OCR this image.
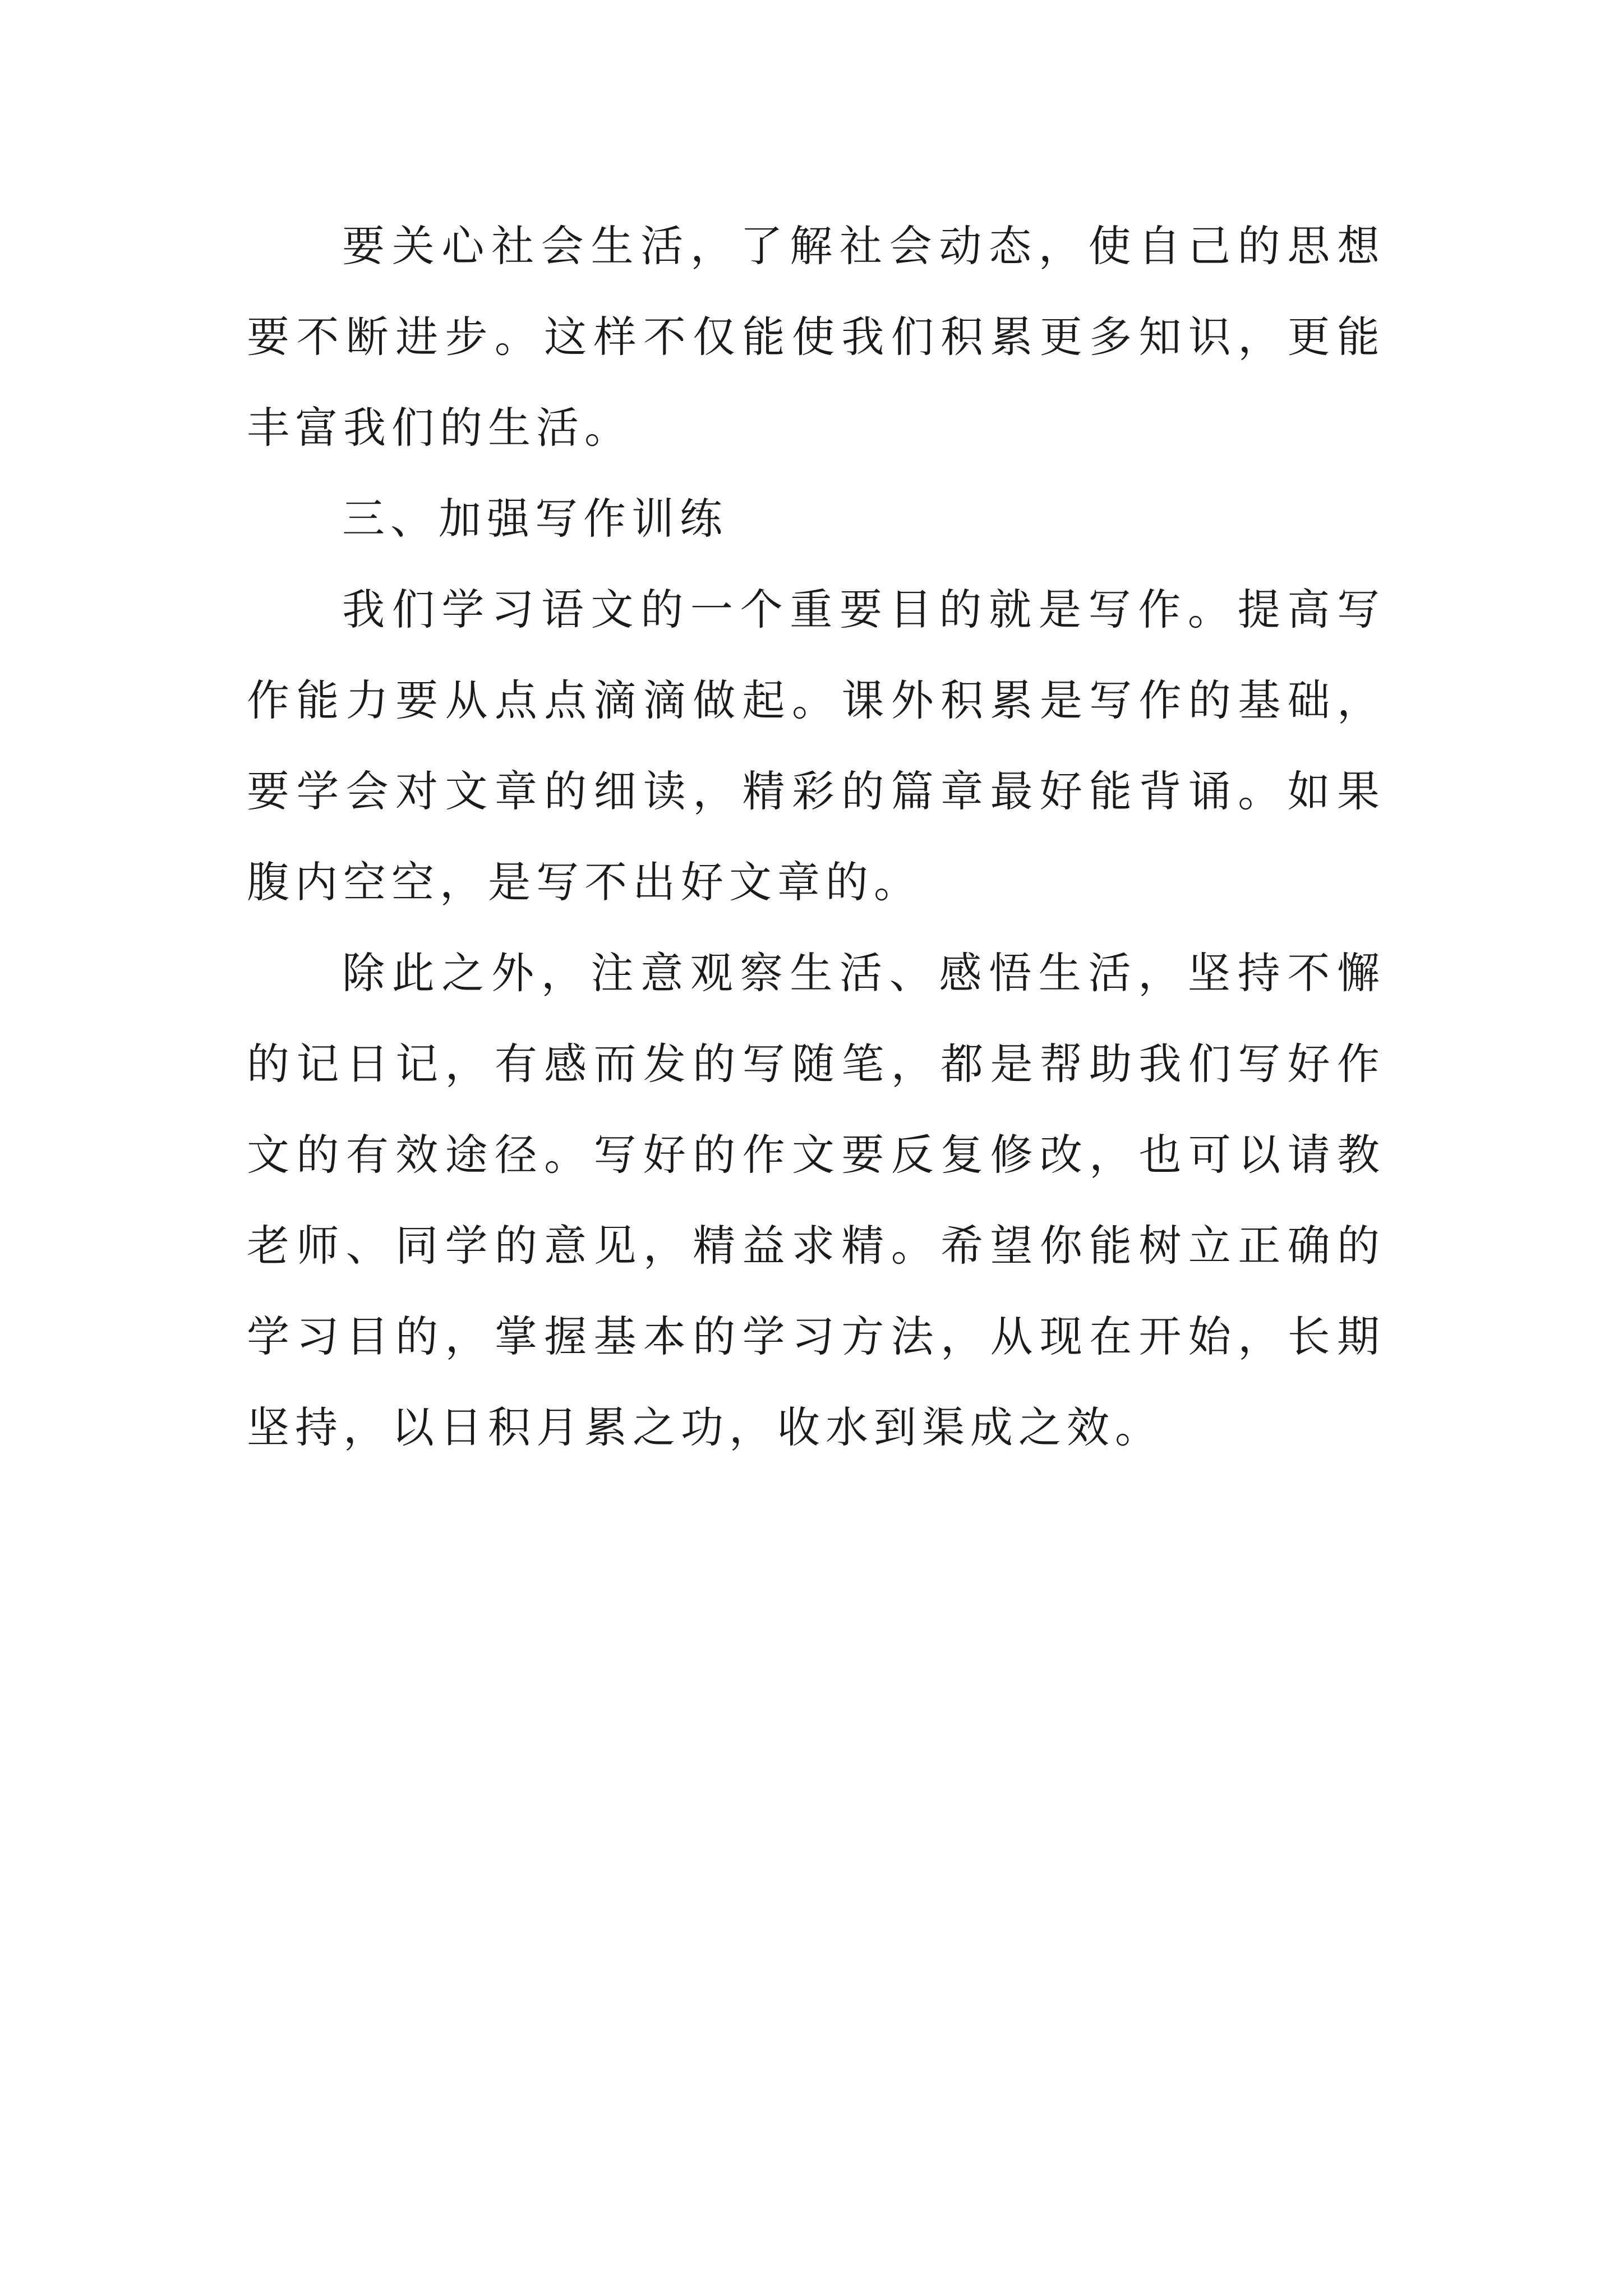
要关心社会生活，了解社会动态，使自己的思想要不断进步。这样不仅能使我们积累更多知识，更能丰富我们的生活。

三、加强写作训练

我们学习语文的一个重要目的就是写作。提高写作能力要从点点滴滴做起。课外积累是写作的基础，要学会对文章的细读，精彩的篇章最好能背诵。如果腹内空空，是写不出好文章的。

除此之外，注意观察生活、感悟生活，坚持不懈的记日记，有感而发的写随笔，都是帮助我们写好作文的有效途径。写好的作文要反复修改，也可以请教老师、同学的意见，精益求精。希望你能树立正确的学习目的，掌握基本的学习方法，从现在开始，长期坚持，以日积月累之功，收水到渠成之效。
